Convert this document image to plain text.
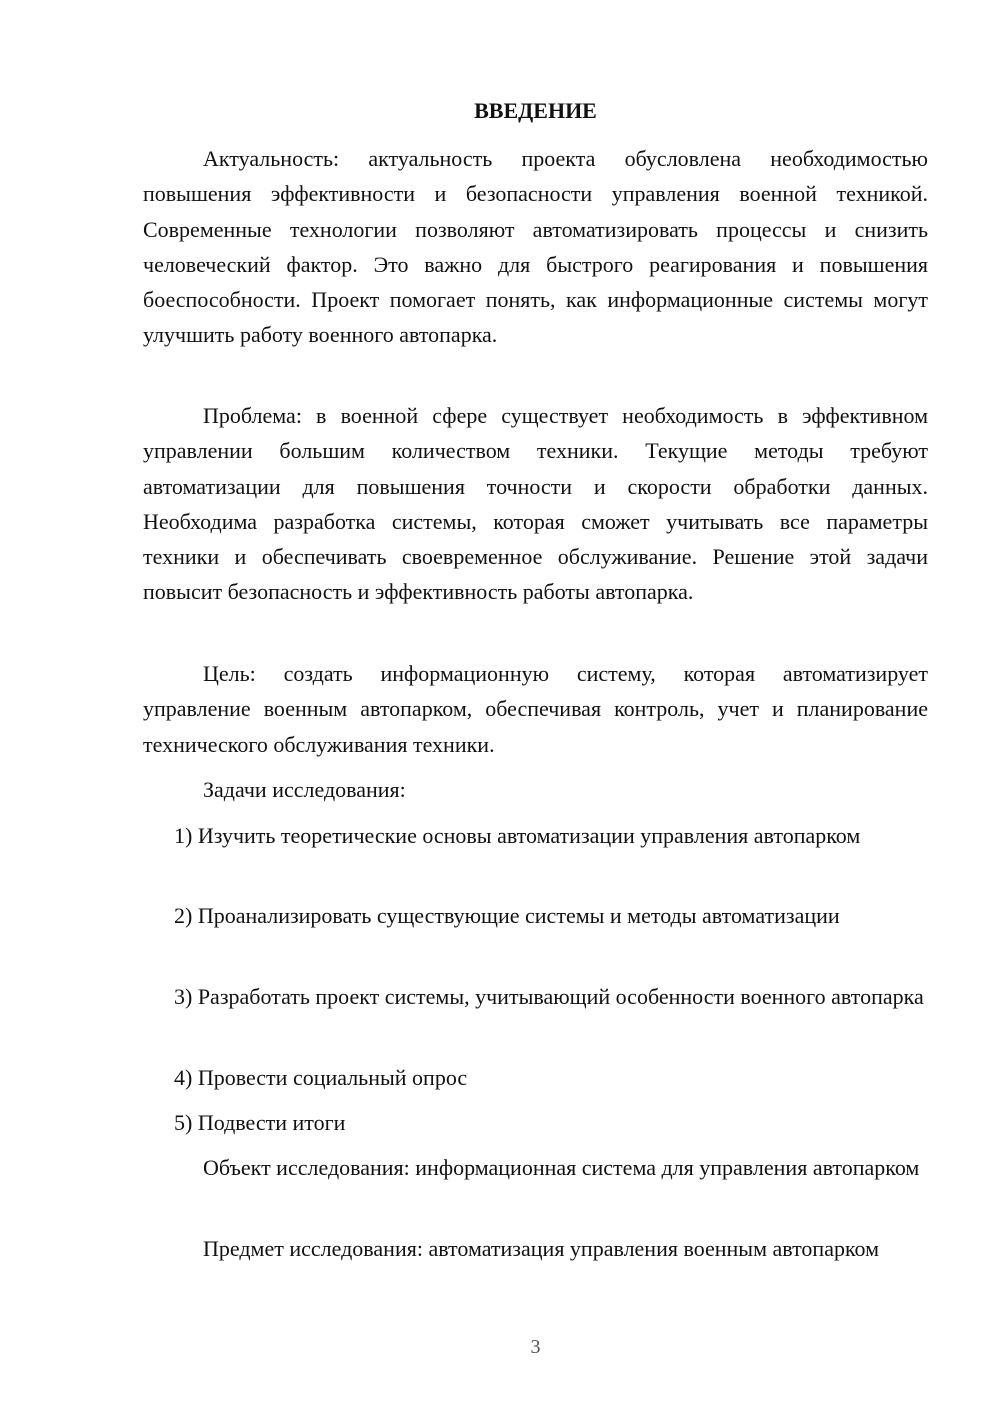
ВВЕДЕНИЕ

Актуальность: актуальность проекта обусловлена необходимостью повышения эффективности и безопасности управления военной техникой. Современные технологии позволяют автоматизировать процессы и снизить человеческий фактор. Это важно для быстрого реагирования и повышения боеспособности. Проект помогает понять, как информационные системы могут улучшить работу военного автопарка.

Проблема: в военной сфере существует необходимость в эффективном управлении большим количеством техники. Текущие методы требуют автоматизации для повышения точности и скорости обработки данных. Необходима разработка системы, которая сможет учитывать все параметры техники и обеспечивать своевременное обслуживание. Решение этой задачи повысит безопасность и эффективность работы автопарка.

Цель: создать информационную систему, которая автоматизирует управление военным автопарком, обеспечивая контроль, учет и планирование технического обслуживания техники.

Задачи исследования:

1) Изучить теоретические основы автоматизации управления автопарком

2) Проанализировать существующие системы и методы автоматизации

3) Разработать проект системы, учитывающий особенности военного автопарка

4) Провести социальный опрос

5) Подвести итоги

Объект исследования: информационная система для управления автопарком

Предмет исследования: автоматизация управления военным автопарком

3
